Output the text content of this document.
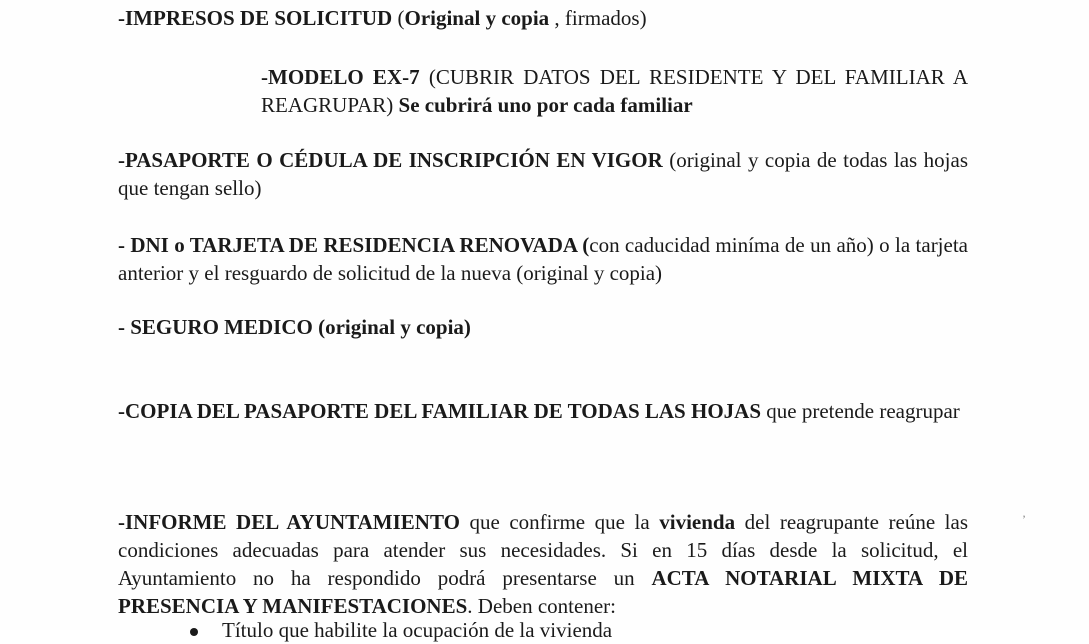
-IMPRESOS DE SOLICITUD (Original y copia , firmados)

-MODELO EX-7 (CUBRIR DATOS DEL RESIDENTE Y DEL FAMILIAR A REAGRUPAR) Se cubrirá uno por cada familiar

-PASAPORTE O CÉDULA DE INSCRIPCIÓN EN VIGOR (original y copia de todas las hojas que tengan sello)

- DNI o TARJETA DE RESIDENCIA RENOVADA (con caducidad miníma de un año) o la tarjeta anterior y el resguardo de solicitud de la nueva (original y copia)

- SEGURO MEDICO (original y copia)

-COPIA DEL PASAPORTE DEL FAMILIAR DE TODAS LAS HOJAS que pretende reagrupar

-INFORME DEL AYUNTAMIENTO que confirme que la vivienda del reagrupante reúne las condiciones adecuadas para atender sus necesidades. Si en 15 días desde la solicitud, el Ayuntamiento no ha respondido podrá presentarse un ACTA NOTARIAL MIXTA DE PRESENCIA Y MANIFESTACIONES. Deben contener:

Título que habilite la ocupación de la vivienda
’
